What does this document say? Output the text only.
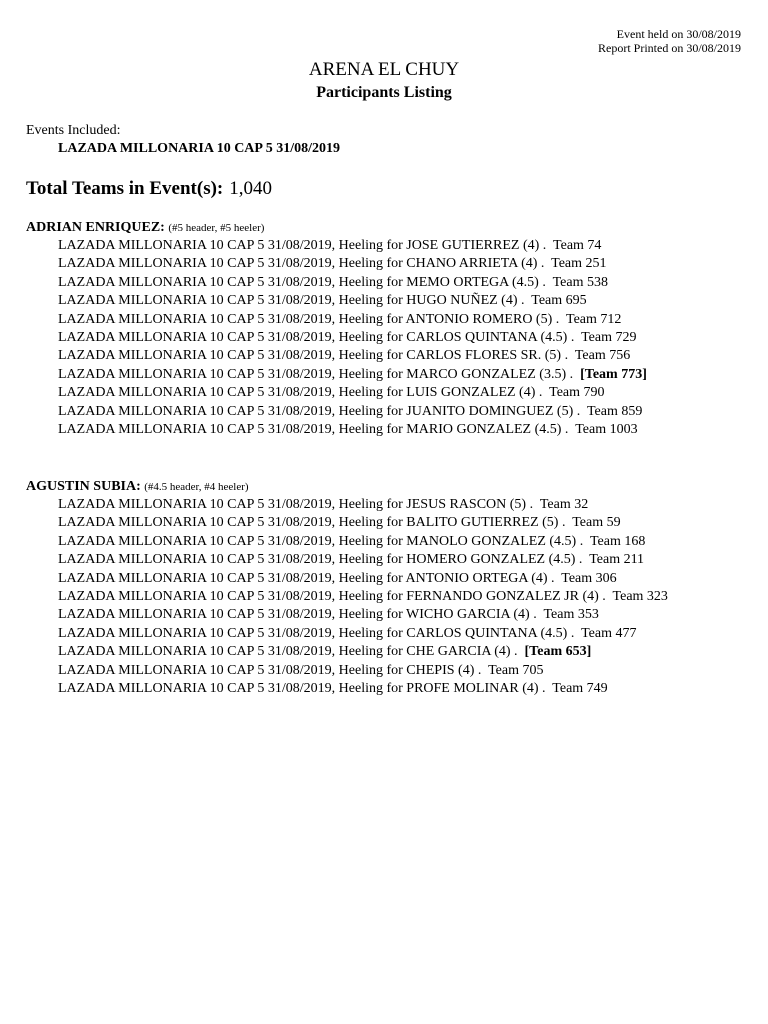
Event held on 30/08/2019
Report Printed on 30/08/2019
ARENA EL CHUY
Participants Listing
Events Included:
LAZADA MILLONARIA 10 CAP 5 31/08/2019
Total Teams in Event(s): 1,040
ADRIAN ENRIQUEZ: (#5 header, #5 heeler)
LAZADA MILLONARIA 10 CAP 5 31/08/2019, Heeling for JOSE GUTIERREZ (4) . Team 74
LAZADA MILLONARIA 10 CAP 5 31/08/2019, Heeling for CHANO ARRIETA (4) . Team 251
LAZADA MILLONARIA 10 CAP 5 31/08/2019, Heeling for MEMO ORTEGA (4.5) . Team 538
LAZADA MILLONARIA 10 CAP 5 31/08/2019, Heeling for HUGO NUÑEZ (4) . Team 695
LAZADA MILLONARIA 10 CAP 5 31/08/2019, Heeling for ANTONIO ROMERO (5) . Team 712
LAZADA MILLONARIA 10 CAP 5 31/08/2019, Heeling for CARLOS QUINTANA (4.5) . Team 729
LAZADA MILLONARIA 10 CAP 5 31/08/2019, Heeling for CARLOS FLORES SR. (5) . Team 756
LAZADA MILLONARIA 10 CAP 5 31/08/2019, Heeling for MARCO GONZALEZ (3.5) . [Team 773]
LAZADA MILLONARIA 10 CAP 5 31/08/2019, Heeling for LUIS GONZALEZ (4) . Team 790
LAZADA MILLONARIA 10 CAP 5 31/08/2019, Heeling for JUANITO DOMINGUEZ (5) . Team 859
LAZADA MILLONARIA 10 CAP 5 31/08/2019, Heeling for MARIO GONZALEZ (4.5) . Team 1003
AGUSTIN SUBIA: (#4.5 header, #4 heeler)
LAZADA MILLONARIA 10 CAP 5 31/08/2019, Heeling for JESUS RASCON (5) . Team 32
LAZADA MILLONARIA 10 CAP 5 31/08/2019, Heeling for BALITO GUTIERREZ (5) . Team 59
LAZADA MILLONARIA 10 CAP 5 31/08/2019, Heeling for MANOLO GONZALEZ (4.5) . Team 168
LAZADA MILLONARIA 10 CAP 5 31/08/2019, Heeling for HOMERO GONZALEZ (4.5) . Team 211
LAZADA MILLONARIA 10 CAP 5 31/08/2019, Heeling for ANTONIO ORTEGA (4) . Team 306
LAZADA MILLONARIA 10 CAP 5 31/08/2019, Heeling for FERNANDO GONZALEZ JR (4) . Team 323
LAZADA MILLONARIA 10 CAP 5 31/08/2019, Heeling for WICHO GARCIA (4) . Team 353
LAZADA MILLONARIA 10 CAP 5 31/08/2019, Heeling for CARLOS QUINTANA (4.5) . Team 477
LAZADA MILLONARIA 10 CAP 5 31/08/2019, Heeling for CHE GARCIA (4) . [Team 653]
LAZADA MILLONARIA 10 CAP 5 31/08/2019, Heeling for CHEPIS (4) . Team 705
LAZADA MILLONARIA 10 CAP 5 31/08/2019, Heeling for PROFE MOLINAR (4) . Team 749
